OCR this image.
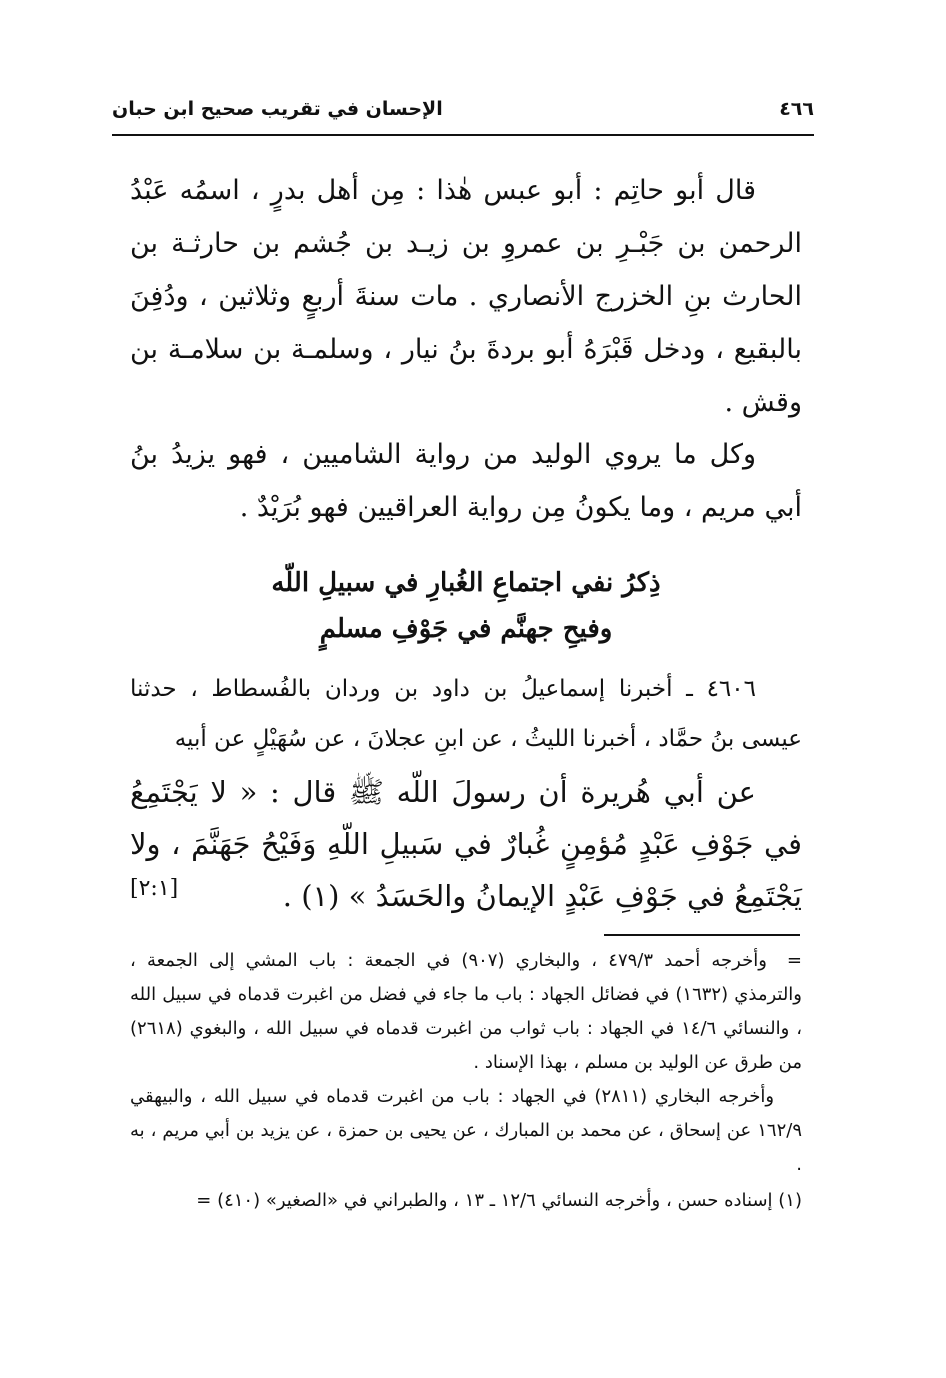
٤٦٦
الإحسان في تقريب صحيح ابن حبان
قال أبو حاتِم : أبو عبس هٰذا : مِن أهل بدرٍ ، اسمُه عَبْدُ الرحمن بن جَبْـرِ بن عمروِ بن زيـد بن جُشم بن حارثـة بن الحارث بنِ الخزرج الأنصاري . مات سنةَ أربعٍ وثلاثين ، ودُفِنَ بالبقيع ، ودخل قَبْرَهُ أبو بردةَ بنُ نيار ، وسلمـة بن سلامـة بن وقش .
وكل ما يروي الوليد من رواية الشاميين ، فهو يزيدُ بنُ أبي مريم ، وما يكونُ مِن رواية العراقيين فهو بُرَيْدٌ .
ذِكرُ نفي اجتماعِ الغُبارِ في سبيلِ اللّه
وفيحِ جهنَّم في جَوْفِ مسلمٍ
٤٦٠٦ ـ أخبرنا إسماعيلُ بن داود بن وردان بالفُسطاط ، حدثنا عيسى بنُ حمَّاد ، أخبرنا الليثُ ، عن ابنِ عجلانَ ، عن سُهَيْلٍ عن أبيه
عن أبي هُريرة أن رسولَ اللّه ﷺ قال : « لا يَجْتَمِعُ في جَوْفِ عَبْدٍ مُؤمِنٍ غُبارٌ في سَبيلِ اللّهِ وَفَيْحُ جَهَنَّمَ ، ولا يَجْتَمِعُ في جَوْفِ عَبْدٍ الإيمانُ والحَسَدُ » (١) .
[٢:١]

=وأخرجه أحمد ٤٧٩/٣ ، والبخاري (٩٠٧) في الجمعة : باب المشي إلى الجمعة ، والترمذي (١٦٣٢) في فضائل الجهاد : باب ما جاء في فضل من اغبرت قدماه في سبيل الله ، والنسائي ١٤/٦ في الجهاد : باب ثواب من اغبرت قدماه في سبيل الله ، والبغوي (٢٦١٨) من طرق عن الوليد بن مسلم ، بهذا الإسناد .

وأخرجه البخاري (٢٨١١) في الجهاد : باب من اغبرت قدماه في سبيل الله ، والبيهقي ١٦٢/٩ عن إسحاق ، عن محمد بن المبارك ، عن يحيى بن حمزة ، عن يزيد بن أبي مريم ، به .

(١) إسناده حسن ، وأخرجه النسائي ١٢/٦ ـ ١٣ ، والطبراني في «الصغير» (٤١٠) =
